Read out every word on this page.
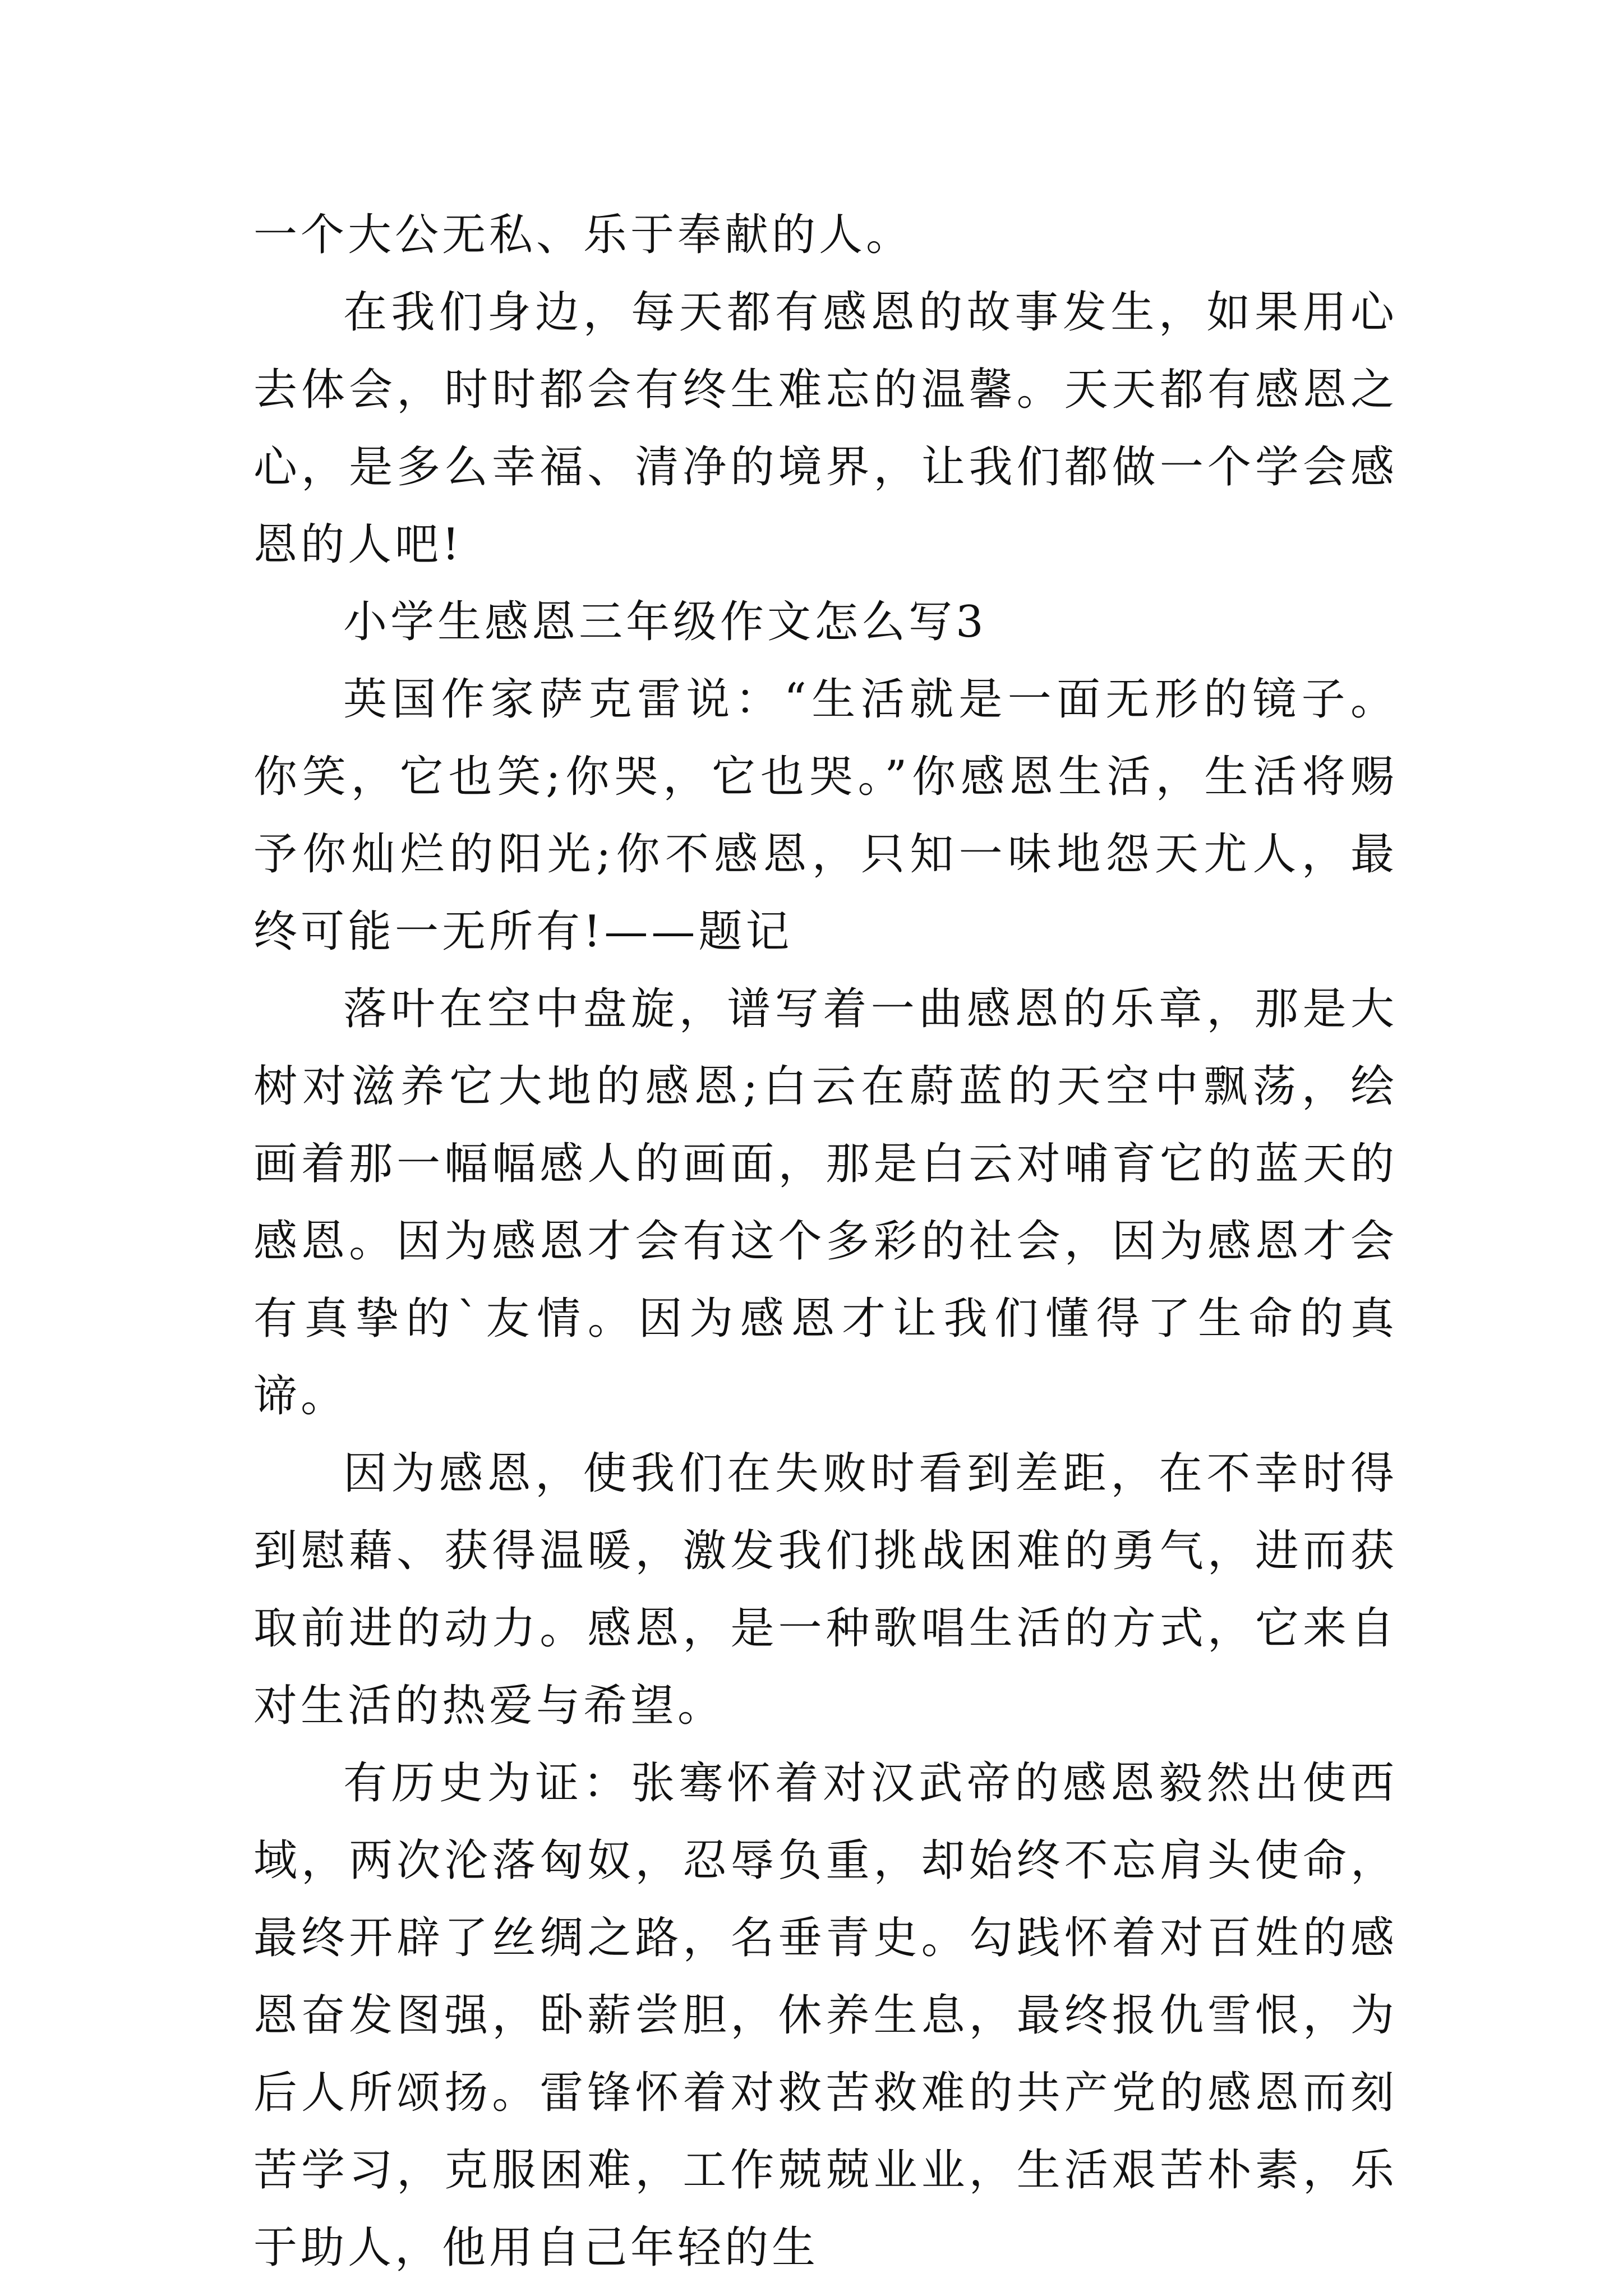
一个大公无私、乐于奉献的人。

在我们身边，每天都有感恩的故事发生，如果用心去体会，时时都会有终生难忘的温馨。天天都有感恩之心，是多么幸福、清净的境界，让我们都做一个学会感恩的人吧!

小学生感恩三年级作文怎么写3

英国作家萨克雷说：“生活就是一面无形的镜子。你笑，它也笑;你哭，它也哭。”你感恩生活，生活将赐予你灿烂的阳光;你不感恩，只知一味地怨天尤人，最终可能一无所有!——题记

落叶在空中盘旋，谱写着一曲感恩的乐章，那是大树对滋养它大地的感恩;白云在蔚蓝的天空中飘荡，绘画着那一幅幅感人的画面，那是白云对哺育它的蓝天的感恩。因为感恩才会有这个多彩的社会，因为感恩才会有真挚的`友情。因为感恩才让我们懂得了生命的真谛。

因为感恩，使我们在失败时看到差距，在不幸时得到慰藉、获得温暖，激发我们挑战困难的勇气，进而获取前进的动力。感恩，是一种歌唱生活的方式，它来自对生活的热爱与希望。

有历史为证：张骞怀着对汉武帝的感恩毅然出使西域，两次沦落匈奴，忍辱负重，却始终不忘肩头使命，最终开辟了丝绸之路，名垂青史。勾践怀着对百姓的感恩奋发图强，卧薪尝胆，休养生息，最终报仇雪恨，为后人所颂扬。雷锋怀着对救苦救难的共产党的感恩而刻苦学习，克服困难，工作兢兢业业，生活艰苦朴素，乐于助人，他用自己年轻的生
